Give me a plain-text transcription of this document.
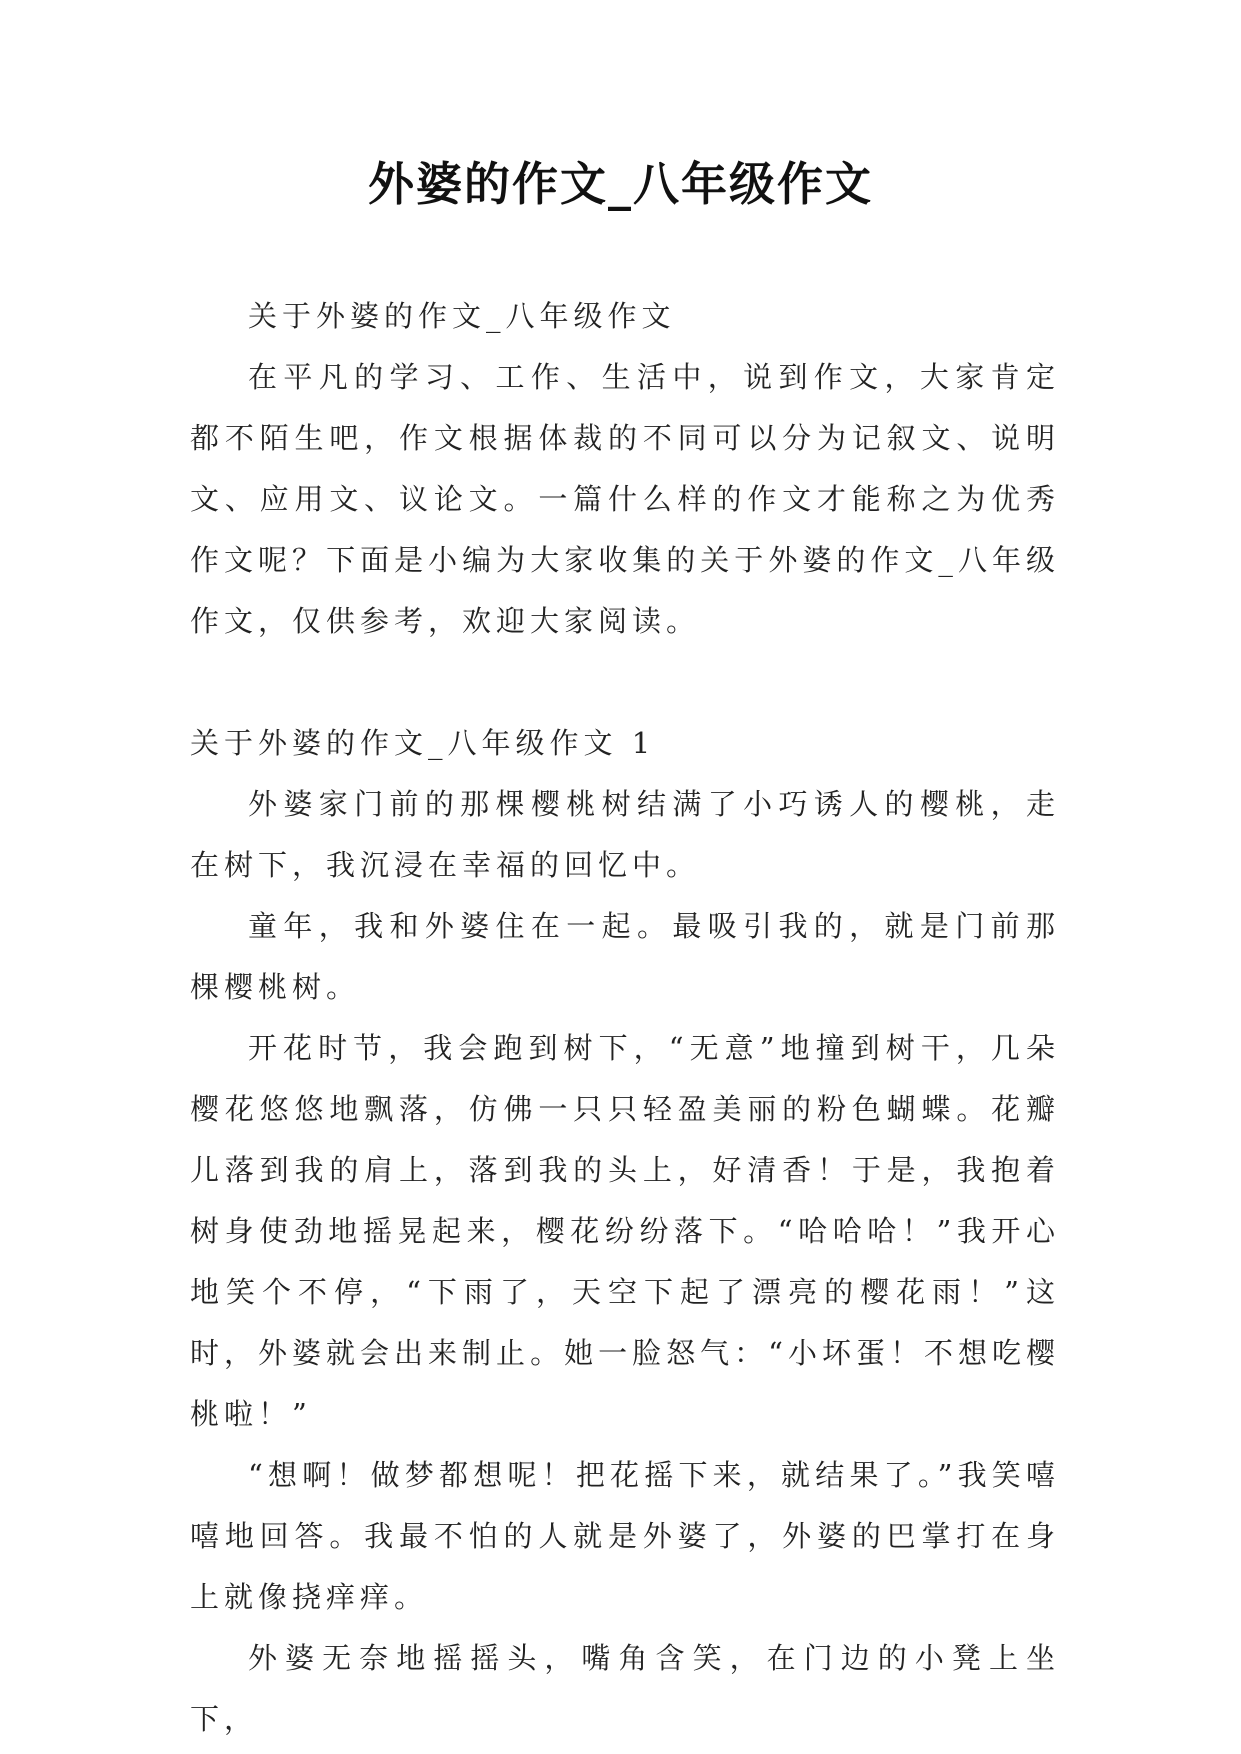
外婆的作文_八年级作文

关于外婆的作文_八年级作文

在平凡的学习、工作、生活中，说到作文，大家肯定都不陌生吧，作文根据体裁的不同可以分为记叙文、说明文、应用文、议论文。一篇什么样的作文才能称之为优秀作文呢？下面是小编为大家收集的关于外婆的作文_八年级作文，仅供参考，欢迎大家阅读。

关于外婆的作文_八年级作文 1

外婆家门前的那棵樱桃树结满了小巧诱人的樱桃，走在树下，我沉浸在幸福的回忆中。

童年，我和外婆住在一起。最吸引我的，就是门前那棵樱桃树。

开花时节，我会跑到树下，“无意”地撞到树干，几朵樱花悠悠地飘落，仿佛一只只轻盈美丽的粉色蝴蝶。花瓣儿落到我的肩上，落到我的头上，好清香！于是，我抱着树身使劲地摇晃起来，樱花纷纷落下。“哈哈哈！”我开心地笑个不停，“下雨了，天空下起了漂亮的樱花雨！”这时，外婆就会出来制止。她一脸怒气：“小坏蛋！不想吃樱桃啦！”

“想啊！做梦都想呢！把花摇下来，就结果了。”我笑嘻嘻地回答。我最不怕的人就是外婆了，外婆的巴掌打在身上就像挠痒痒。

外婆无奈地摇摇头，嘴角含笑，在门边的小凳上坐下，
